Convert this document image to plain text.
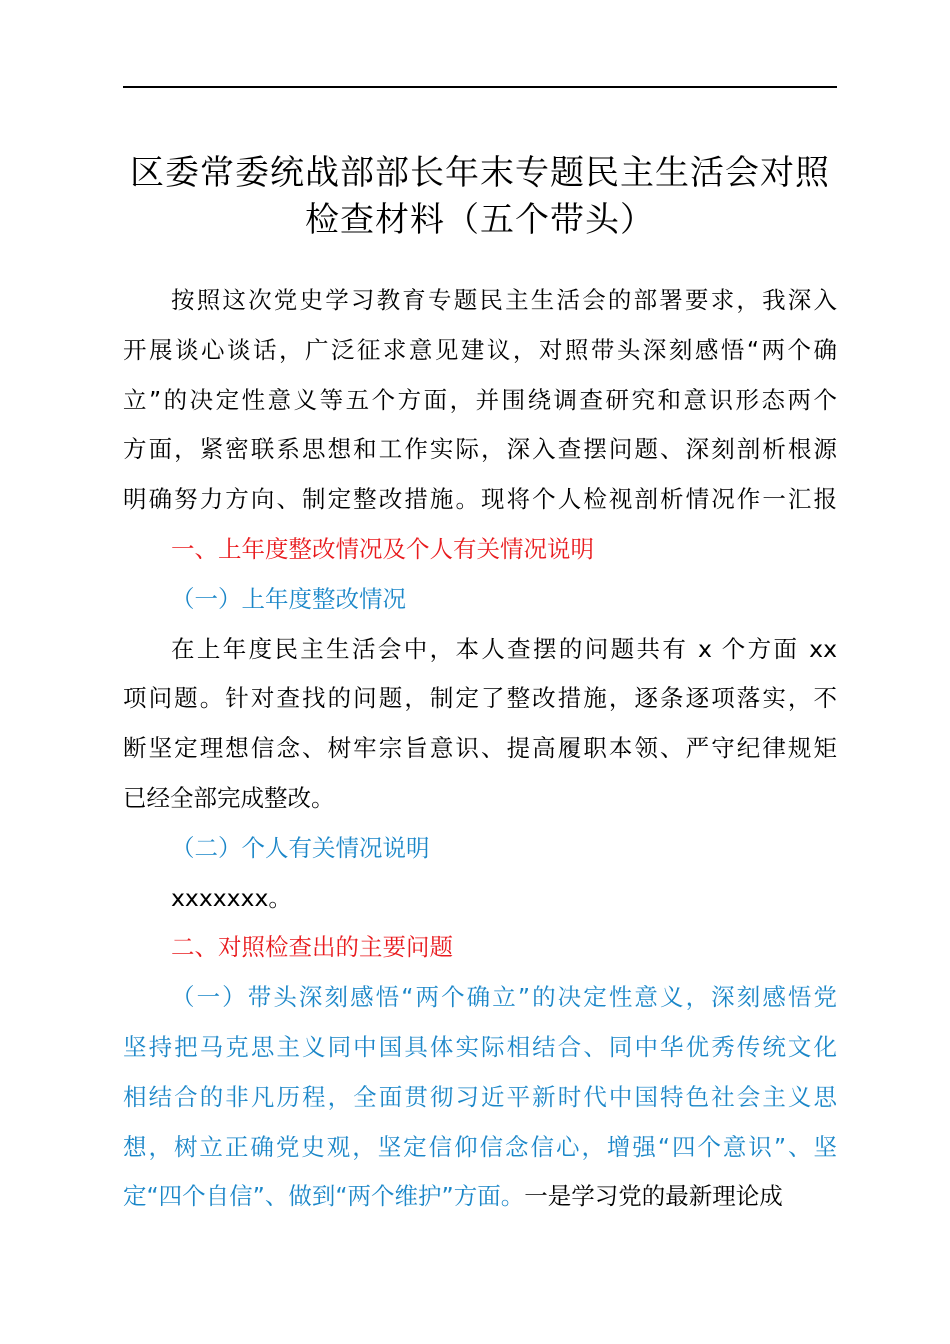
区委常委统战部部长年末专题民主生活会对照
检查材料（五个带头）
按照这次党史学习教育专题民主生活会的部署要求，我深入
开展谈心谈话，广泛征求意见建议，对照带头深刻感悟“两个确
立”的决定性意义等五个方面，并围绕调查研究和意识形态两个
方面，紧密联系思想和工作实际，深入查摆问题、深刻剖析根源
明确努力方向、制定整改措施。现将个人检视剖析情况作一汇报
一、上年度整改情况及个人有关情况说明
（一）上年度整改情况
在上年度民主生活会中，本人查摆的问题共有 x 个方面 xx
项问题。针对查找的问题，制定了整改措施，逐条逐项落实，不
断坚定理想信念、树牢宗旨意识、提高履职本领、严守纪律规矩
已经全部完成整改。
（二）个人有关情况说明
xxxxxxx。
二、对照检查出的主要问题
（一）带头深刻感悟“两个确立”的决定性意义，深刻感悟党
坚持把马克思主义同中国具体实际相结合、同中华优秀传统文化
相结合的非凡历程，全面贯彻习近平新时代中国特色社会主义思
想，树立正确党史观，坚定信仰信念信心，增强“四个意识”、坚
定“四个自信”、做到“两个维护”方面。一是学习党的最新理论成
